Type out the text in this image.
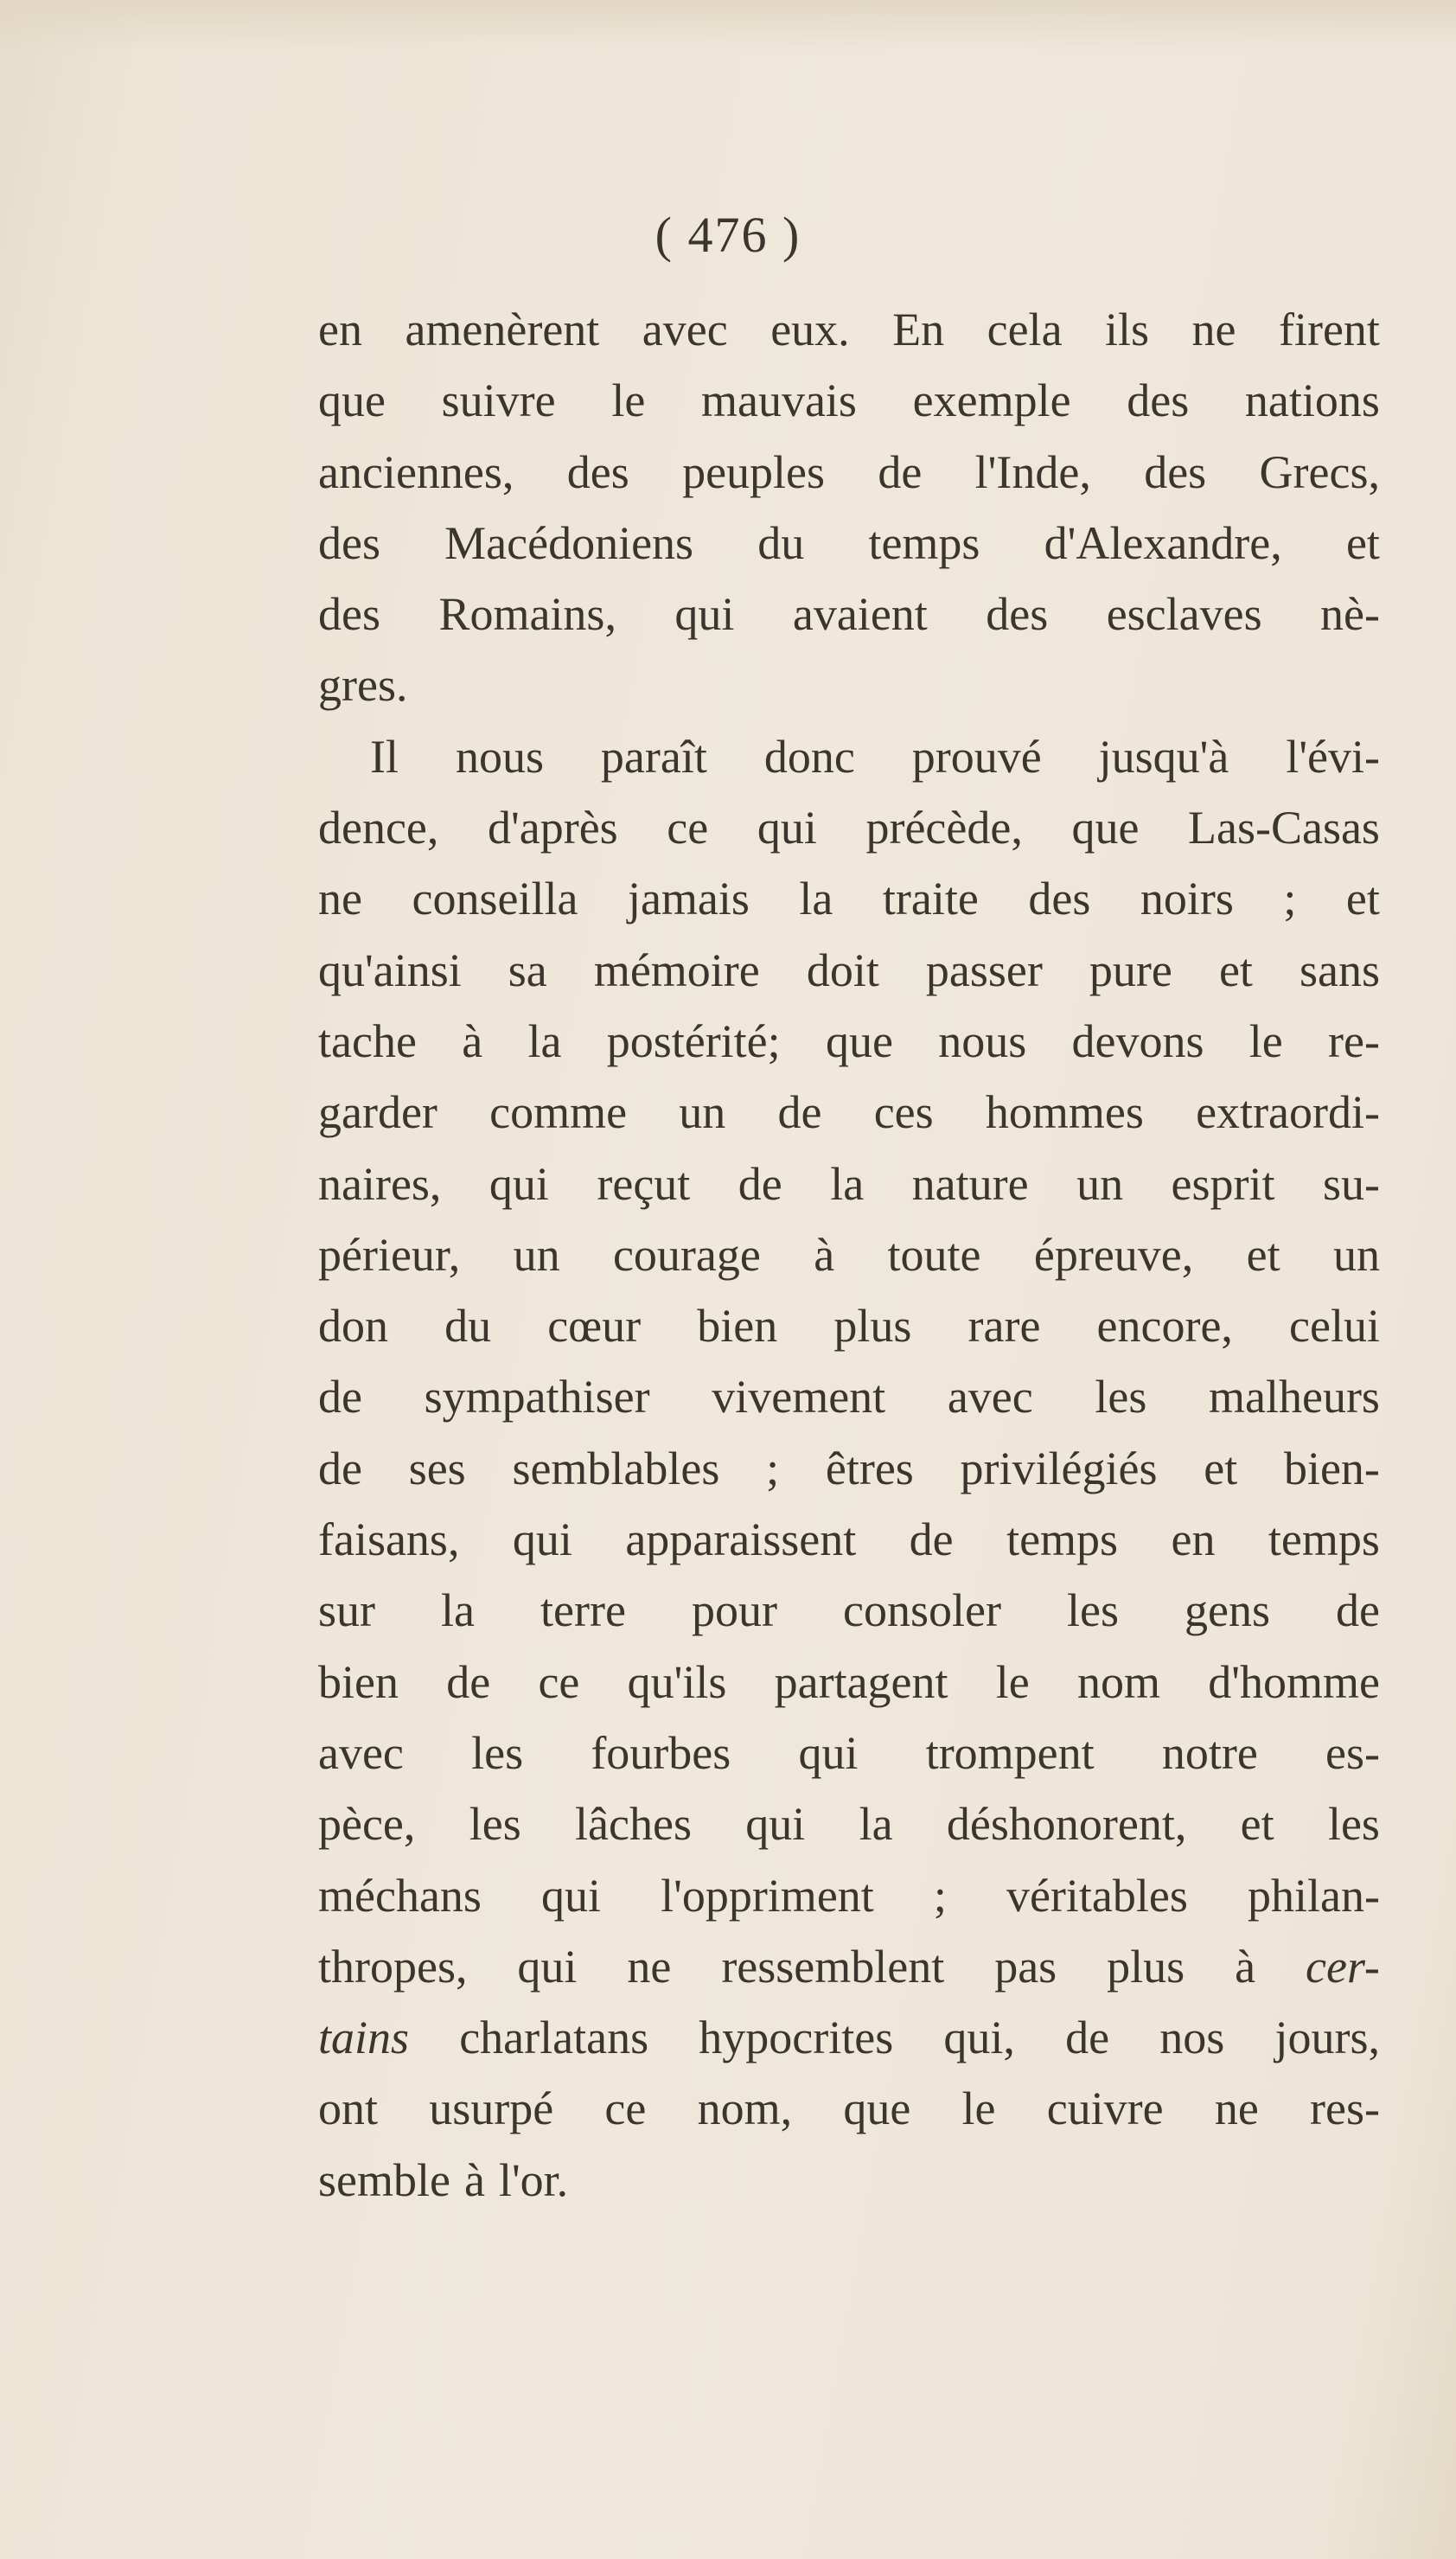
( 476 )
en amenèrent avec eux. En cela ils ne firent
que suivre le mauvais exemple des nations
anciennes, des peuples de l'Inde, des Grecs,
des Macédoniens du temps d'Alexandre, et
des Romains, qui avaient des esclaves nè-
gres.
Il nous paraît donc prouvé jusqu'à l'évi-
dence, d'après ce qui précède, que Las-Casas
ne conseilla jamais la traite des noirs ; et
qu'ainsi sa mémoire doit passer pure et sans
tache à la postérité; que nous devons le re-
garder comme un de ces hommes extraordi-
naires, qui reçut de la nature un esprit su-
périeur, un courage à toute épreuve, et un
don du cœur bien plus rare encore, celui
de sympathiser vivement avec les malheurs
de ses semblables ; êtres privilégiés et bien-
faisans, qui apparaissent de temps en temps
sur la terre pour consoler les gens de
bien de ce qu'ils partagent le nom d'homme
avec les fourbes qui trompent notre es-
pèce, les lâches qui la déshonorent, et les
méchans qui l'oppriment ; véritables philan-
thropes, qui ne ressemblent pas plus à cer-
tains charlatans hypocrites qui, de nos jours,
ont usurpé ce nom, que le cuivre ne res-
semble à l'or.
